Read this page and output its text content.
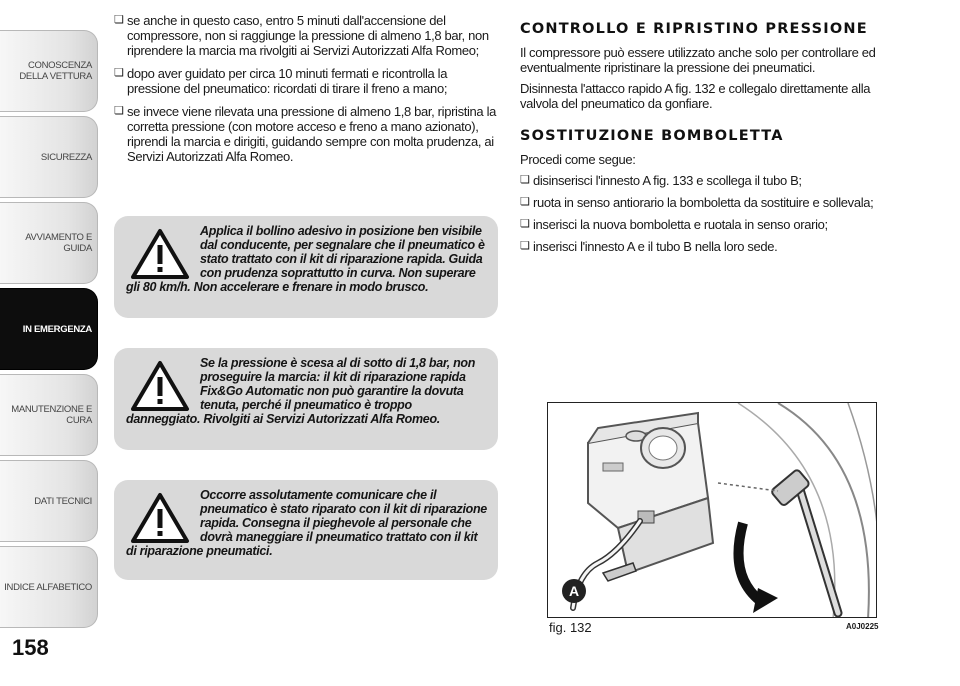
CONOSCENZA
DELLA VETTURA
SICUREZZA
AVVIAMENTO E
GUIDA
IN EMERGENZA
MANUTENZIONE E
CURA
DATI TECNICI
INDICE ALFABETICO
158
❏ se anche in questo caso, entro 5 minuti dall'accensione del compressore, non si raggiunge la pressione di almeno 1,8 bar, non riprendere la marcia ma rivolgiti ai Servizi Autorizzati Alfa Romeo;
❏ dopo aver guidato per circa 10 minuti fermati e ricontrolla la pressione del pneumatico: ricordati di tirare il freno a mano;
❏ se invece viene rilevata una pressione di almeno 1,8 bar, ripristina la corretta pressione (con motore acceso e freno a mano azionato), riprendi la marcia e dirigiti, guidando sempre con molta prudenza, ai Servizi Autorizzati Alfa Romeo.
Applica il bollino adesivo in posizione ben visibile dal conducente, per segnalare che il pneumatico è stato trattato con il kit di riparazione rapida. Guida con prudenza soprattutto in curva. Non superare gli 80 km/h. Non accelerare e frenare in modo brusco.
Se la pressione è scesa al di sotto di 1,8 bar, non proseguire la marcia: il kit di riparazione rapida Fix&Go Automatic non può garantire la dovuta tenuta, perché il pneumatico è troppo danneggiato. Rivolgiti ai Servizi Autorizzati Alfa Romeo.
Occorre assolutamente comunicare che il pneumatico è stato riparato con il kit di riparazione rapida. Consegna il pieghevole al personale che dovrà maneggiare il pneumatico trattato con il kit di riparazione pneumatici.
CONTROLLO E RIPRISTINO PRESSIONE

Il compressore può essere utilizzato anche solo per controllare ed eventualmente ripristinare la pressione dei pneumatici.

Disinnesta l'attacco rapido A fig. 132 e collegalo direttamente alla valvola del pneumatico da gonfiare.

SOSTITUZIONE BOMBOLETTA

Procedi come segue:

❏ disinserisci l'innesto A fig. 133 e scollega il tubo B;
❏ ruota in senso antiorario la bomboletta da sostituire e sollevala;
❏ inserisci la nuova bomboletta e ruotala in senso orario;
❏ inserisci l'innesto A e il tubo B nella loro sede.
A
fig. 132	A0J0225
